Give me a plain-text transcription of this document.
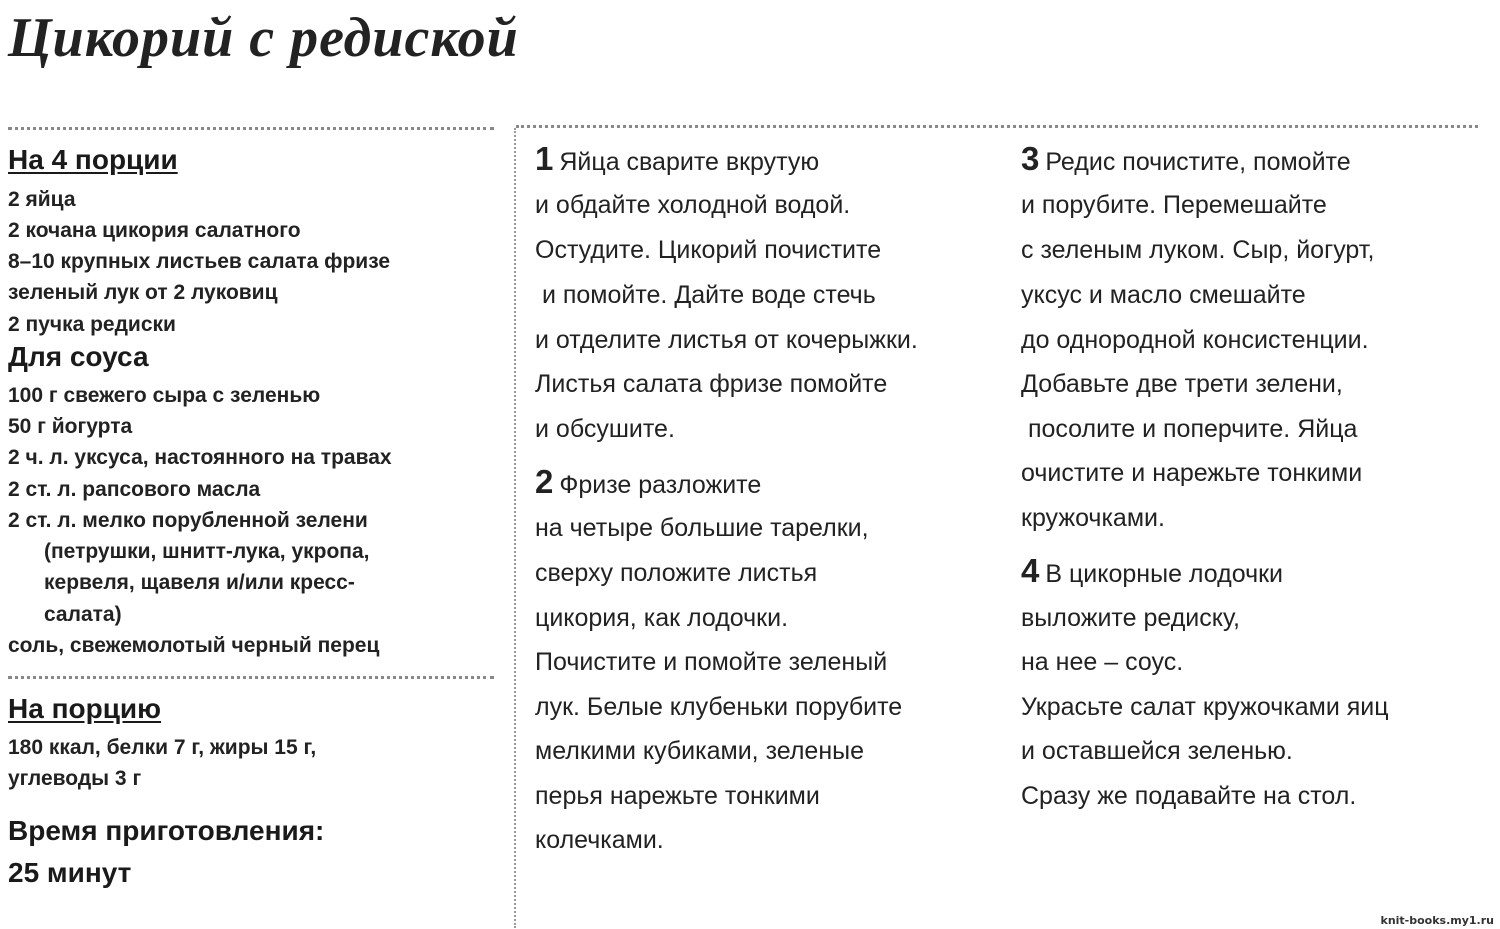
Цикорий с редиской

На 4 порции

2 яйца

2 кочана цикория салатного

8–10 крупных листьев салата фризе

зеленый лук от 2 луковиц

2 пучка редиски

Для соуса

100 г свежего сыра с зеленью

50 г йогурта

2 ч. л. уксуса, настоянного на травах

2 ст. л. рапсового масла

2 ст. л. мелко порубленной зелени

(петрушки, шнитт-лука, укропа,

кервеля, щавеля и/или кресс-

салата)

соль, свежемолотый черный перец

На порцию

180 ккал, белки 7 г, жиры 15 г,

углеводы 3 г

Время приготовления:

25 минут

1 Яйца сварите вкрутую

и обдайте холодной водой.

Остудите. Цикорий почистите

и помойте. Дайте воде стечь

и отделите листья от кочерыжки.

Листья салата фризе помойте

и обсушите.

2 Фризе разложите

на четыре большие тарелки,

сверху положите листья

цикория, как лодочки.

Почистите и помойте зеленый

лук. Белые клубеньки порубите

мелкими кубиками, зеленые

перья нарежьте тонкими

колечками.

3 Редис почистите, помойте

и порубите. Перемешайте

с зеленым луком. Сыр, йогурт,

уксус и масло смешайте

до однородной консистенции.

Добавьте две трети зелени,

посолите и поперчите. Яйца

очистите и нарежьте тонкими

кружочками.

4 В цикорные лодочки

выложите редиску,

на нее – соус.

Украсьте салат кружочками яиц

и оставшейся зеленью.

Сразу же подавайте на стол.

knit-books.my1.ru
